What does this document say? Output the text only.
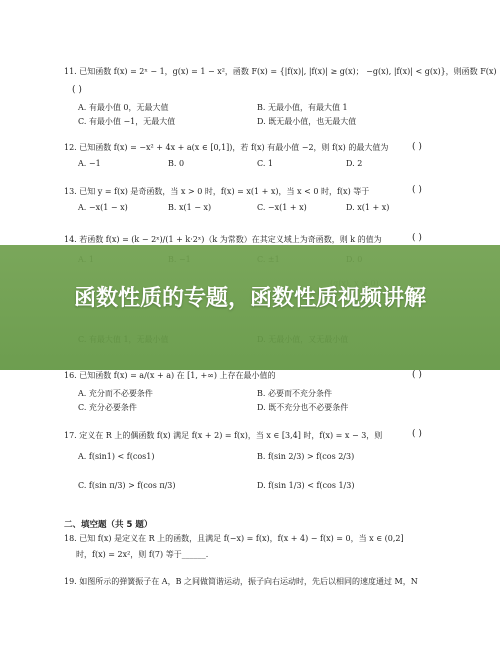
11. 已知函数 f(x) = 2ˣ − 1，g(x) = 1 − x²，函数 F(x) = {|f(x)|, |f(x)| ≥ g(x)； −g(x), |f(x)| < g(x)}，则函数 F(x)
( )
A. 有最小值 0，无最大值	B. 无最小值，有最大值 1
C. 有最小值 −1，无最大值	D. 既无最小值，也无最大值
12. 已知函数 f(x) = −x² + 4x + a(x ∈ [0,1])，若 f(x) 有最小值 −2，则 f(x) 的最大值为	( )
A. −1	B. 0	C. 1	D. 2
13. 已知 y = f(x) 是奇函数，当 x > 0 时，f(x) = x(1 + x)，当 x < 0 时，f(x) 等于	( )
A. −x(1 − x)	B. x(1 − x)	C. −x(1 + x)	D. x(1 + x)
14. 若函数 f(x) = (k − 2ˣ)/(1 + k·2ˣ)（k 为常数）在其定义域上为奇函数，则 k 的值为	( )
16. 已知函数 f(x) = a/(x + a) 在 [1, +∞) 上存在最小值的	( )
A. 充分而不必要条件	B. 必要而不充分条件
C. 充分必要条件	D. 既不充分也不必要条件
17. 定义在 R 上的偶函数 f(x) 满足 f(x + 2) = f(x)，当 x ∈ [3,4] 时，f(x) = x − 3，则	( )
A. f(sin1) < f(cos1)	B. f(sin 2/3) > f(cos 2/3)
C. f(sin π/3) > f(cos π/3)	D. f(sin 1/3) < f(cos 1/3)
二、填空题（共 5 题）
18. 已知 f(x) 是定义在 R 上的函数，且满足 f(−x) = f(x)，f(x + 4) − f(x) = 0，当 x ∈ (0,2]
时，f(x) = 2x²，则 f(7) 等于______.
19. 如图所示的弹簧振子在 A，B 之间做简谐运动，振子向右运动时，先后以相同的速度通过 M，N
函数性质的专题，函数性质视频讲解
